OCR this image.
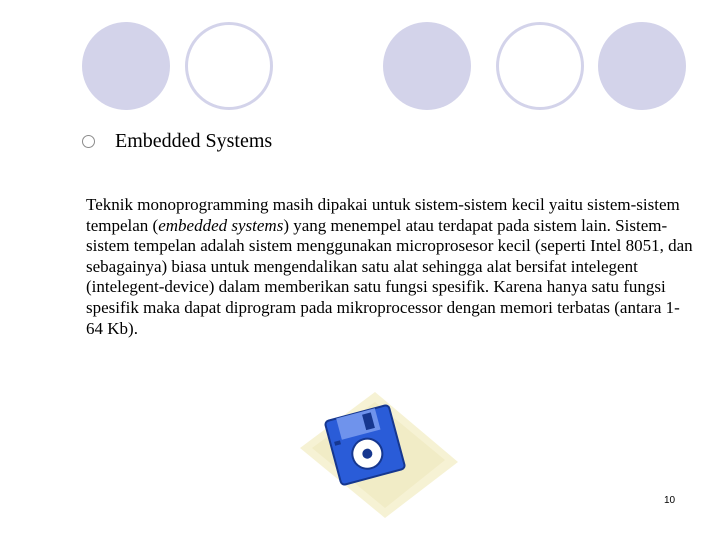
Embedded Systems

Teknik monoprogramming masih dipakai untuk sistem-sistem kecil yaitu sistem-sistem tempelan (embedded systems) yang menempel atau terdapat pada sistem lain. Sistem-sistem tempelan adalah sistem menggunakan microprosesor kecil (seperti Intel 8051, dan sebagainya) biasa untuk mengendalikan satu alat sehingga alat bersifat intelegent (intelegent-device) dalam memberikan satu fungsi spesifik. Karena hanya satu fungsi spesifik maka dapat diprogram pada mikroprocessor dengan memori terbatas (antara 1-64 Kb).

10
